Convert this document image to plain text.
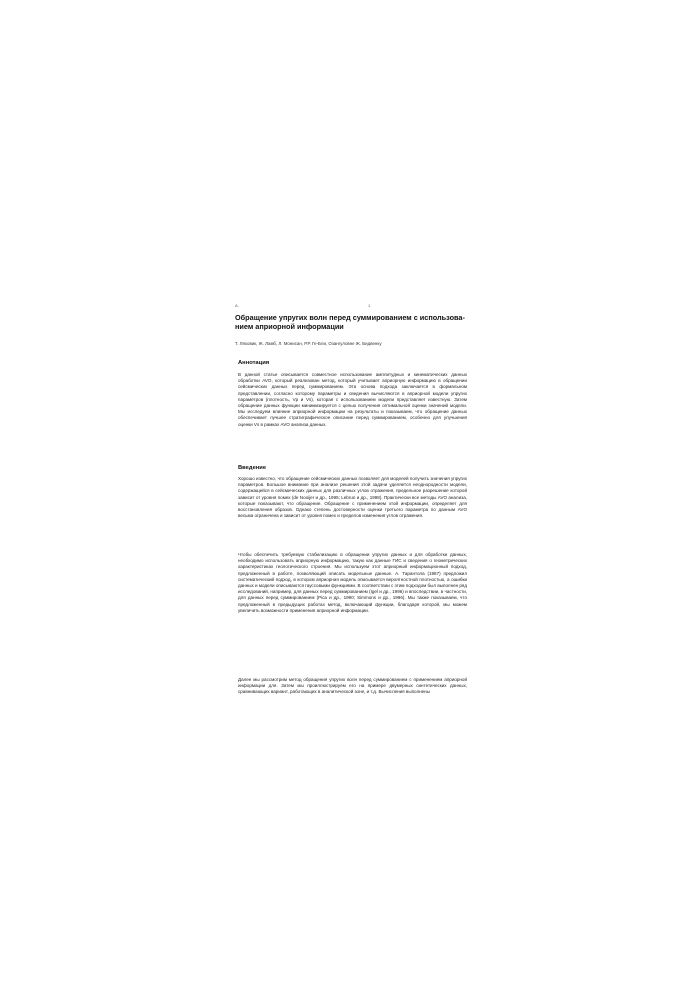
А.	1
Обращение упругих волн перед суммированием с использова-нием априорной информации
Т. Ляховик, Ж. Ламб, Л. Монисан, Р.Р. Ге-Бли, Озангуловне Ж. Бидвенку
Аннотация

В данной статье описывается совместное использование амплитудных и кинематических данных обработки AVO, который реализован метод, который учитывает априорную информацию в обращении сейсмических данных перед суммированием. Эта основа подхода заключается в формальном представлении, согласно которому параметры и сведения вычисляются в априорной модели упругих параметров (плотность, Vp и Vs), которая с использованием модели представляет известную. Затем обращение данных функции минимизируется с целью получения оптимальной оценки значений модели. Мы исследуем влияние априорной информации на результаты и показываем, что обращение данных обеспечивает лучшее стратиграфическое описание перед суммированием, особенно для улучшения оценки Vs в рамках AVO анализа данных.

Введение

Хорошо известно, что обращение сейсмических данных позволяет для моделей получить значения упругих параметров. Большое внимание при анализе решения этой задачи уделяется неоднородности модели, содержащейся в сейсмических данных для различных углов отражения, предельное разрешение которой зависит от уровня помех (de Nooijer и др., 1995; Lebrun и др., 1998). Практически все методы AVO анализа, которые показывают, что обращение. Обращение с применением этой информации, определяет для восстановления образов. Однако степень достоверности оценки третьего параметра по данным AVO весьма ограничена и зависит от уровня помех и пределов изменения углов отражения.

Чтобы обеспечить требуемую стабилизацию в обращении упругих данных и для обработки данных, необходимо использовать априорную информацию, такую как данные ГИС и сведения о геометрических характеристиках геологического строения. Мы используем этот априорный информационный подход, предложенный в работе, позволяющий описать модельные данные. А. Тарантола (1987) предложил систематический подход, в котором априорная модель описывается вероятностной плотностью, а ошибки данных и модели описываются гауссовыми функциями. В соответствии с этим подходом был выполнен ряд исследований, например, для данных перед суммированием (Igel и др., 1996) и впоследствии, в частности, для данных перед суммированием (Pica и др., 1990; Simmons и др., 1996). Мы также показываем, что предложенный в предыдущих работах метод, включающий функции, благодаря которой, мы можем увеличить возможности применения априорной информации.

Далее мы рассмотрим метод обращения упругих волн перед суммированием с применением априорной информации для. Затем мы проиллюстрируем его на примере двумерных синтетических данных, сравнивающих вариант, работающих в аналитической зоне, и т.д. Вычисления выполнены
